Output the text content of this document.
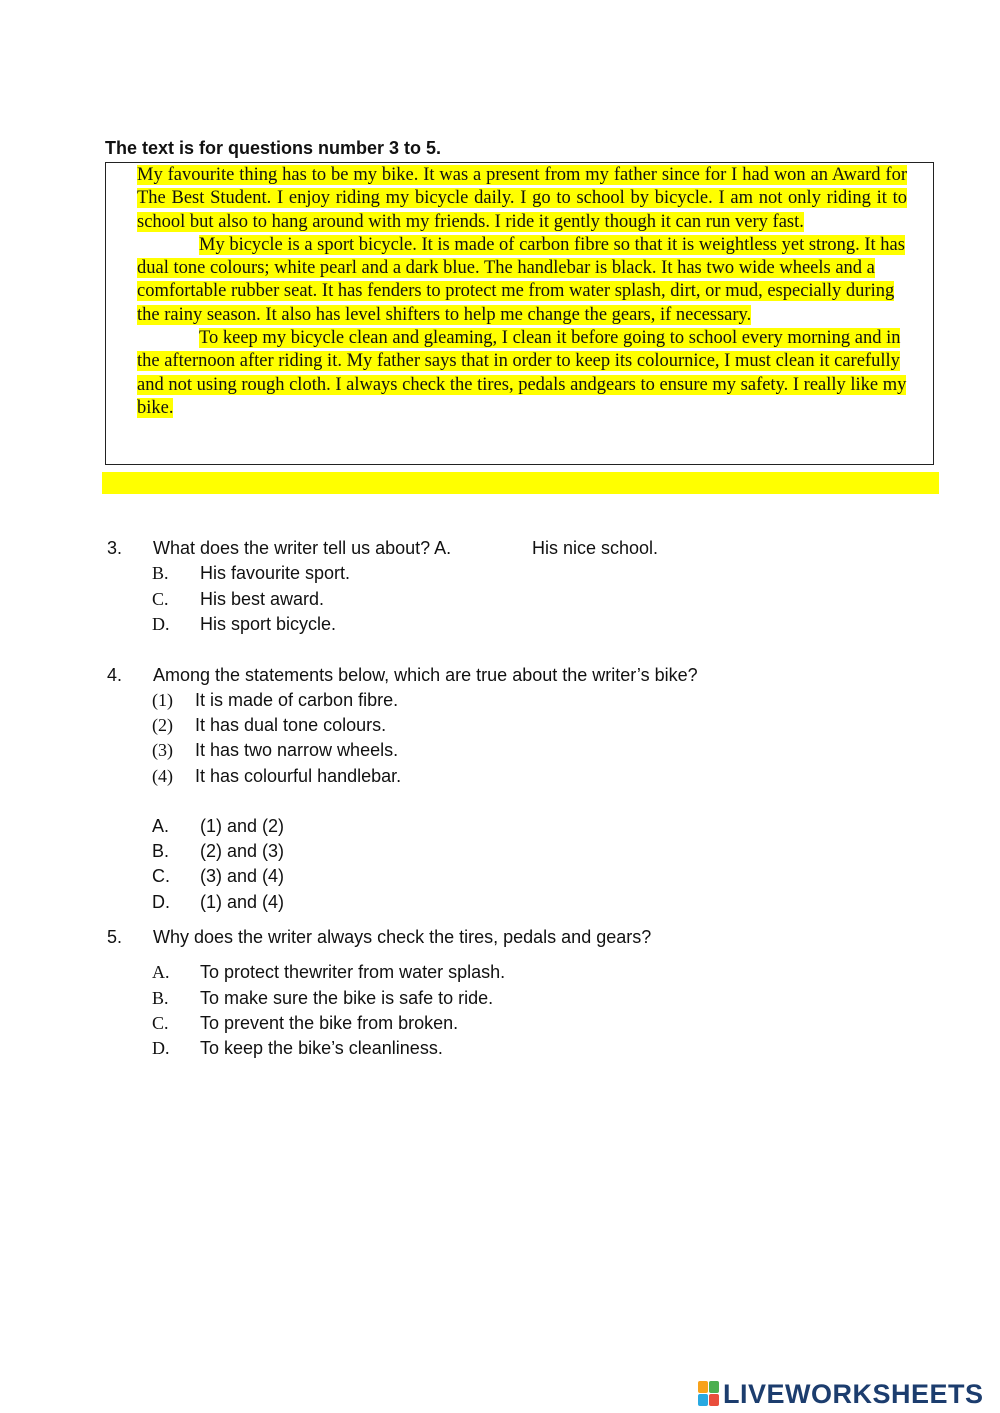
The text is for questions number 3 to 5.

My favourite thing has to be my bike. It was a present from my father since for I had won an Award for The Best Student. I enjoy riding my bicycle daily. I go to school by bicycle. I am not only riding it to school but also to hang around with my friends. I ride it gently though it can run very fast.

My bicycle is a sport bicycle. It is made of carbon fibre so that it is weightless yet strong. It has dual tone colours; white pearl and a dark blue. The handlebar is black. It has two wide wheels and a comfortable rubber seat. It has fenders to protect me from water splash, dirt, or mud, especially during the rainy season. It also has level shifters to help me change the gears, if necessary.

To keep my bicycle clean and gleaming, I clean it before going to school every morning and in the afternoon after riding it. My father says that in order to keep its colournice, I must clean it carefully and not using rough cloth. I always check the tires, pedals andgears to ensure my safety. I really like my bike.

3. What does the writer tell us about? A.	His nice school.
B. His favourite sport.
C. His best award.
D. His sport bicycle.
4. Among the statements below, which are true about the writer’s bike?
(1) It is made of carbon fibre.
(2) It has dual tone colours.
(3) It has two narrow wheels.
(4) It has colourful handlebar.
A. (1) and (2)
B. (2) and (3)
C. (3) and (4)
D. (1) and (4)
5. Why does the writer always check the tires, pedals and gears?
A. To protect thewriter from water splash.
B. To make sure the bike is safe to ride.
C. To prevent the bike from broken.
D. To keep the bike’s cleanliness.
LIVEWORKSHEETS
